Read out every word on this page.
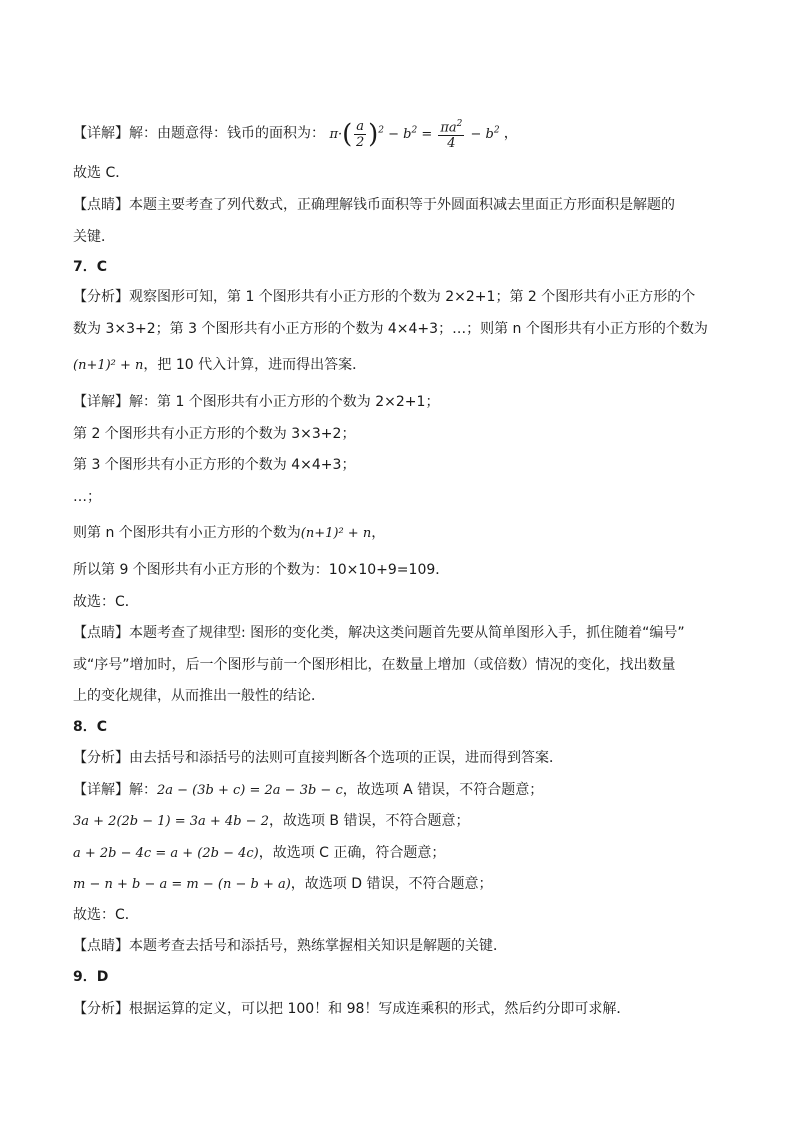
【详解】解：由题意得：钱币的面积为： $\pi\cdot( \frac{a}{2} )^2 - b^2 = \frac{\pi a^2}{4} - b^2$ ，
故选 C．
【点睛】本题主要考查了列代数式，正确理解钱币面积等于外圆面积减去里面正方形面积是解题的
关键．
7．C
【分析】观察图形可知，第 1 个图形共有小正方形的个数为 2×2+1；第 2 个图形共有小正方形的个
数为 3×3+2；第 3 个图形共有小正方形的个数为 4×4+3；…；则第 n 个图形共有小正方形的个数为
(n+1)² + n，把 10 代入计算，进而得出答案．
【详解】解：第 1 个图形共有小正方形的个数为 2×2+1；
第 2 个图形共有小正方形的个数为 3×3+2；
第 3 个图形共有小正方形的个数为 4×4+3；
…；
则第 n 个图形共有小正方形的个数为(n+1)² + n，
所以第 9 个图形共有小正方形的个数为：10×10+9=109．
故选：C．
【点睛】本题考查了规律型: 图形的变化类，解决这类问题首先要从简单图形入手，抓住随着“编号”
或“序号”增加时，后一个图形与前一个图形相比，在数量上增加（或倍数）情况的变化，找出数量
上的变化规律，从而推出一般性的结论．
8．C
【分析】由去括号和添括号的法则可直接判断各个选项的正误，进而得到答案．
【详解】解：2a − (3b + c) = 2a − 3b − c，故选项 A 错误，不符合题意；
3a + 2(2b − 1) = 3a + 4b − 2，故选项 B 错误，不符合题意；
a + 2b − 4c = a + (2b − 4c)，故选项 C 正确，符合题意；
m − n + b − a = m − (n − b + a)，故选项 D 错误，不符合题意；
故选：C．
【点睛】本题考查去括号和添括号，熟练掌握相关知识是解题的关键．
9．D
【分析】根据运算的定义，可以把 100！和 98！写成连乘积的形式，然后约分即可求解．
